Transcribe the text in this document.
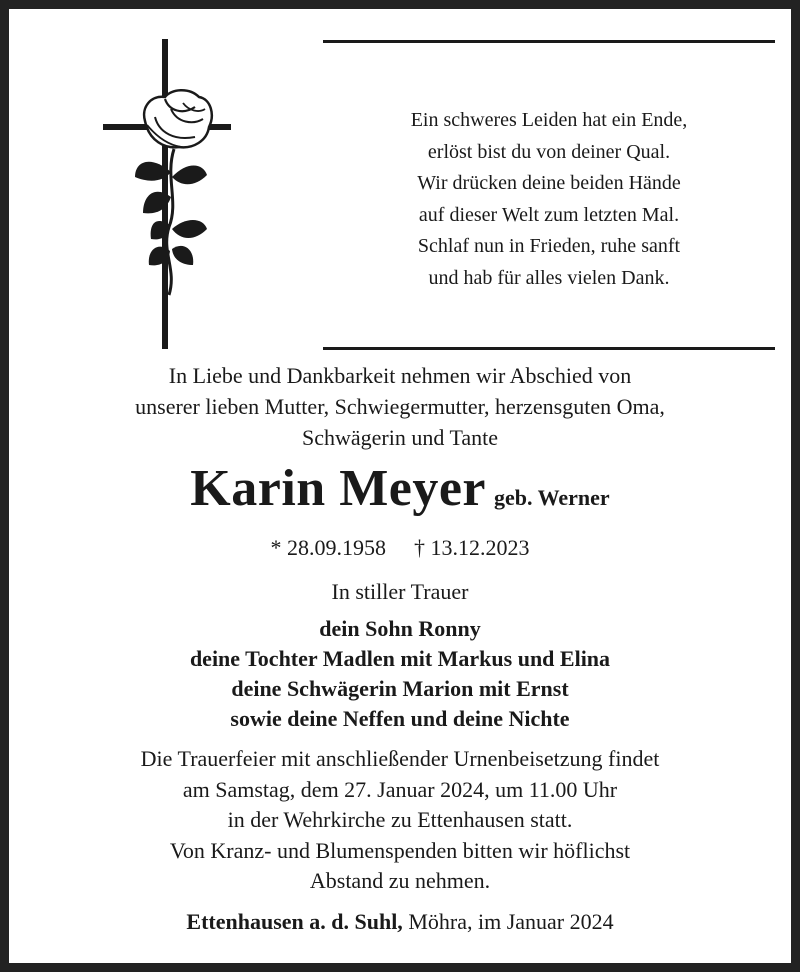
Ein schweres Leiden hat ein Ende,
erlöst bist du von deiner Qual.
Wir drücken deine beiden Hände
auf dieser Welt zum letzten Mal.
Schlaf nun in Frieden, ruhe sanft
und hab für alles vielen Dank.
In Liebe und Dankbarkeit nehmen wir Abschied von
unserer lieben Mutter, Schwiegermutter, herzensguten Oma,
Schwägerin und Tante
Karin Meyer geb. Werner
* 28.09.1958 † 13.12.2023
In stiller Trauer
dein Sohn Ronny
deine Tochter Madlen mit Markus und Elina
deine Schwägerin Marion mit Ernst
sowie deine Neffen und deine Nichte
Die Trauerfeier mit anschließender Urnenbeisetzung findet
am Samstag, dem 27. Januar 2024, um 11.00 Uhr
in der Wehrkirche zu Ettenhausen statt.
Von Kranz- und Blumenspenden bitten wir höflichst
Abstand zu nehmen.
Ettenhausen a. d. Suhl, Möhra, im Januar 2024
